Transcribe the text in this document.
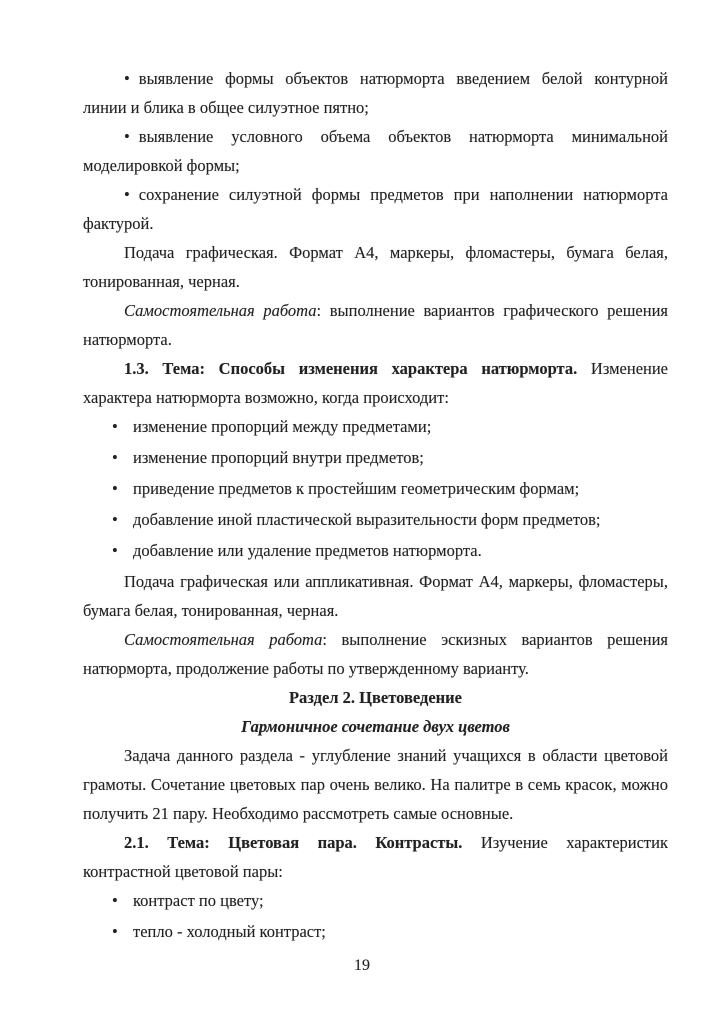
• выявление формы объектов натюрморта введением белой контурной линии и блика в общее силуэтное пятно;

• выявление условного объема объектов натюрморта минимальной моделировкой формы;

• сохранение силуэтной формы предметов при наполнении натюрморта фактурой.

Подача графическая. Формат А4, маркеры, фломастеры, бумага белая, тонированная, черная.

Самостоятельная работа: выполнение вариантов графического решения натюрморта.

1.3. Тема: Способы изменения характера натюрморта. Изменение характера натюрморта возможно, когда происходит:

• изменение пропорций между предметами;
• изменение пропорций внутри предметов;
• приведение предметов к простейшим геометрическим формам;
• добавление иной пластической выразительности форм предметов;
• добавление или удаление предметов натюрморта.

Подача графическая или аппликативная. Формат А4, маркеры, фломастеры, бумага белая, тонированная, черная.

Самостоятельная работа: выполнение эскизных вариантов решения натюрморта, продолжение работы по утвержденному варианту.

Раздел 2. Цветоведение

Гармоничное сочетание двух цветов

Задача данного раздела - углубление знаний учащихся в области цветовой грамоты. Сочетание цветовых пар очень велико. На палитре в семь красок, можно получить 21 пару. Необходимо рассмотреть самые основные.

2.1. Тема: Цветовая пара. Контрасты. Изучение характеристик контрастной цветовой пары:

• контраст по цвету;
• тепло - холодный контраст;
19
